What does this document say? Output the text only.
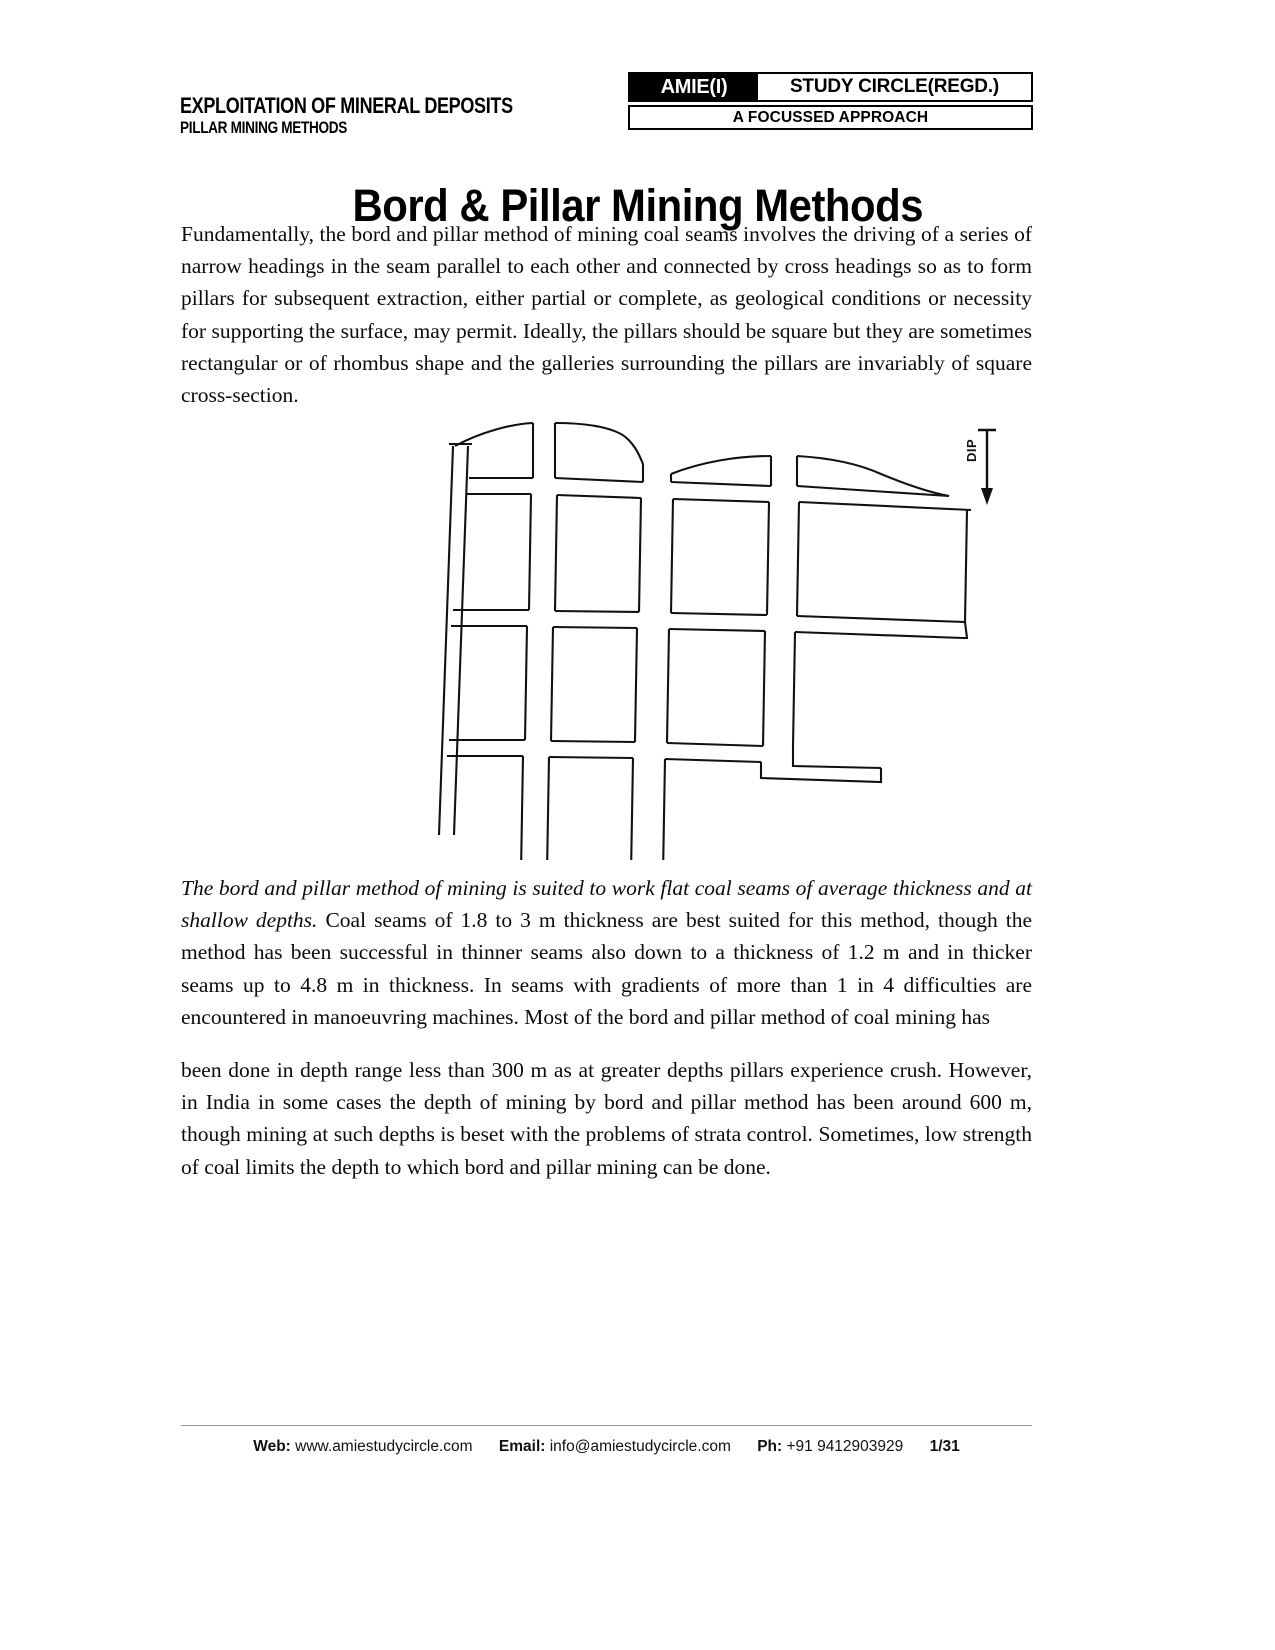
EXPLOITATION OF MINERAL DEPOSITS
PILLAR MINING METHODS
AMIE(I)	STUDY CIRCLE(REGD.)
A FOCUSSED APPROACH
Bord & Pillar Mining Methods

Fundamentally, the bord and pillar method of mining coal seams involves the driving of a series of narrow headings in the seam parallel to each other and connected by cross headings so as to form pillars for subsequent extraction, either partial or complete, as geological conditions or necessity for supporting the surface, may permit. Ideally, the pillars should be square but they are sometimes rectangular or of rhombus shape and the galleries surrounding the pillars are invariably of square cross-section.

DIP

The bord and pillar method of mining is suited to work flat coal seams of average thickness and at shallow depths. Coal seams of 1.8 to 3 m thickness are best suited for this method, though the method has been successful in thinner seams also down to a thickness of 1.2 m and in thicker seams up to 4.8 m in thickness. In seams with gradients of more than 1 in 4 difficulties are encountered in manoeuvring machines. Most of the bord and pillar method of coal mining has

been done in depth range less than 300 m as at greater depths pillars experience crush. However, in India in some cases the depth of mining by bord and pillar method has been around 600 m, though mining at such depths is beset with the problems of strata control. Sometimes, low strength of coal limits the depth to which bord and pillar mining can be done.

Web: www.amiestudycircle.com Email: info@amiestudycircle.com Ph: +91 9412903929 1/31
